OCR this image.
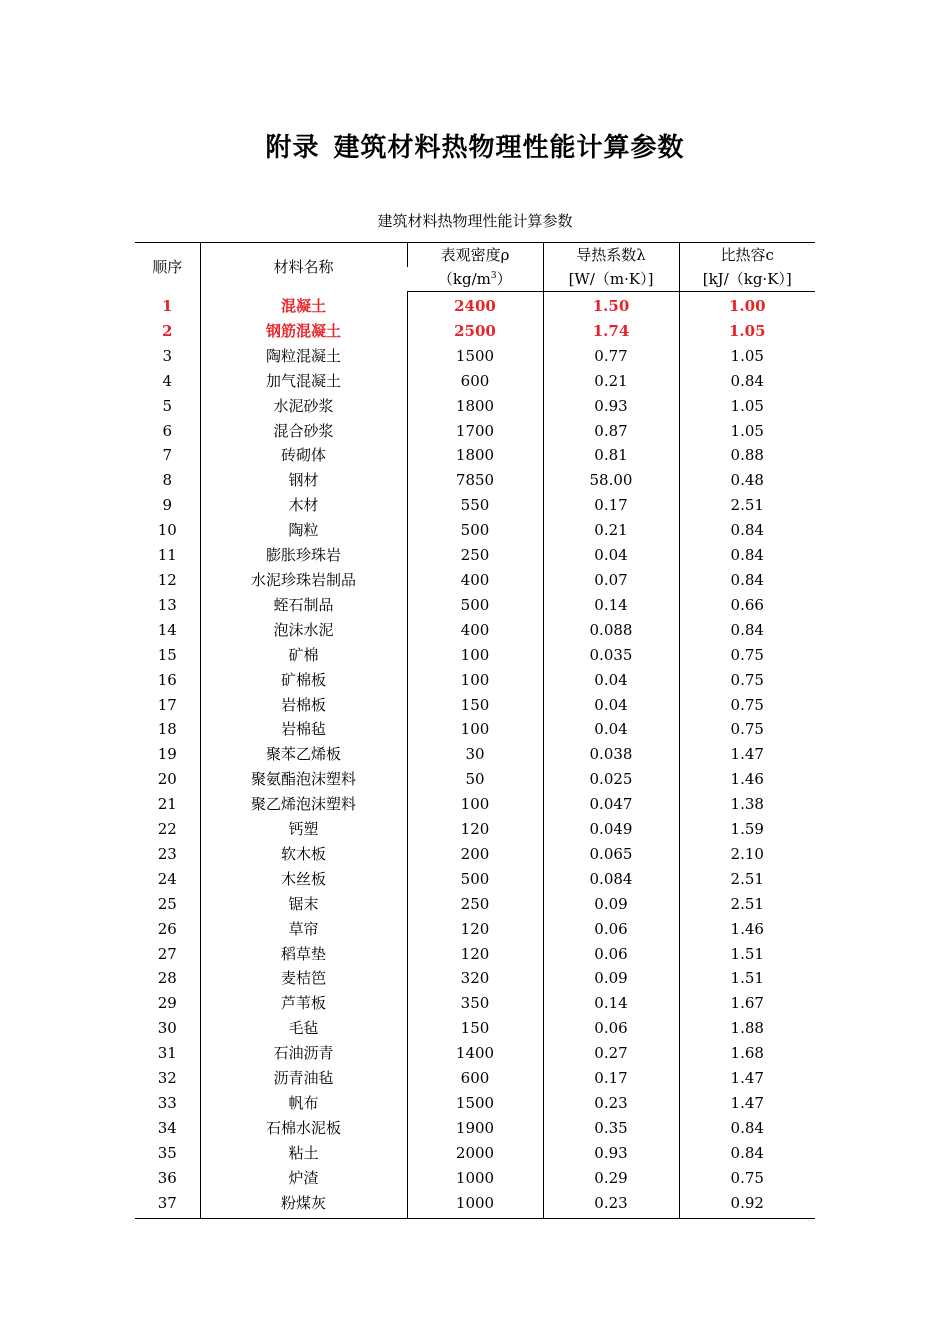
附录 建筑材料热物理性能计算参数
建筑材料热物理性能计算参数
顺序	材料名称	表观密度ρ	导热系数λ	比热容c
		$(kg/m^3)$	[W/（m·K）]	[kJ/（kg·K）]
1	混凝土	2400	1.50	1.00
2	钢筋混凝土	2500	1.74	1.05
3	陶粒混凝土	1500	0.77	1.05
4	加气混凝土	600	0.21	0.84
5	水泥砂浆	1800	0.93	1.05
6	混合砂浆	1700	0.87	1.05
7	砖砌体	1800	0.81	0.88
8	钢材	7850	58.00	0.48
9	木材	550	0.17	2.51
10	陶粒	500	0.21	0.84
11	膨胀珍珠岩	250	0.04	0.84
12	水泥珍珠岩制品	400	0.07	0.84
13	蛭石制品	500	0.14	0.66
14	泡沫水泥	400	0.088	0.84
15	矿棉	100	0.035	0.75
16	矿棉板	100	0.04	0.75
17	岩棉板	150	0.04	0.75
18	岩棉毡	100	0.04	0.75
19	聚苯乙烯板	30	0.038	1.47
20	聚氨酯泡沫塑料	50	0.025	1.46
21	聚乙烯泡沫塑料	100	0.047	1.38
22	钙塑	120	0.049	1.59
23	软木板	200	0.065	2.10
24	木丝板	500	0.084	2.51
25	锯末	250	0.09	2.51
26	草帘	120	0.06	1.46
27	稻草垫	120	0.06	1.51
28	麦桔笆	320	0.09	1.51
29	芦苇板	350	0.14	1.67
30	毛毡	150	0.06	1.88
31	石油沥青	1400	0.27	1.68
32	沥青油毡	600	0.17	1.47
33	帆布	1500	0.23	1.47
34	石棉水泥板	1900	0.35	0.84
35	粘土	2000	0.93	0.84
36	炉渣	1000	0.29	0.75
37	粉煤灰	1000	0.23	0.92
